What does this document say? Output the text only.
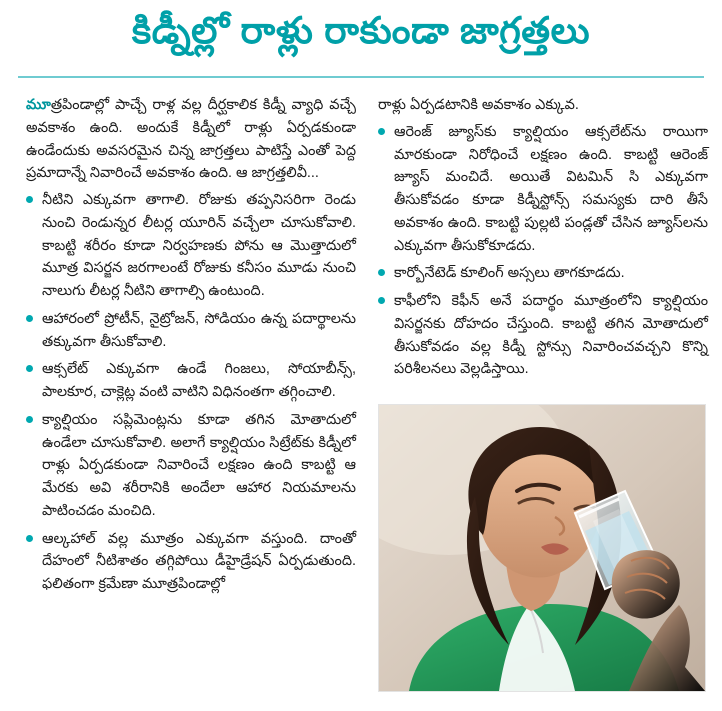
కిడ్నీల్లో రాళ్లు రాకుండా జాగ్రత్తలు

మూత్రపిండాల్లో పాచ్చే రాళ్ల వల్ల దీర్ఘకాలిక కిడ్నీ వ్యాధి వచ్చే అవకాశం ఉంది. అందుకే కిడ్నీలో రాళ్లు ఏర్పడకుండా ఉండేందుకు అవసరమైన చిన్న జాగ్రత్తలు పాటిస్తే ఎంతో పెద్ద ప్రమాదాన్నే నివారించే అవకాశం ఉంది. ఆ జాగ్రత్తలివీ...

నీటిని ఎక్కువగా తాగాలి. రోజుకు తప్పనిసరిగా రెండు నుంచి రెండున్నర లీటర్ల యూరిన్ వచ్చేలా చూసుకోవాలి. కాబట్టి శరీరం కూడా నిర్వహణకు పోను ఆ మొత్తాదులో మూత్ర విసర్జన జరగాలంటే రోజుకు కనీసం మూడు నుంచి నాలుగు లీటర్ల నీటిని తాగాల్సి ఉంటుంది.
ఆహారంలో ప్రోటీన్, నైట్రోజన్, సోడియం ఉన్న పదార్థాలను తక్కువగా తీసుకోవాలి.
ఆక్సలేట్ ఎక్కువగా ఉండే గింజలు, సోయాబీన్స్, పాలకూర, చాక్లెట్ల వంటి వాటిని విధినంతగా తగ్గించాలి.
క్యాల్షియం సప్లిమెంట్లను కూడా తగిన మోతాదులో ఉండేలా చూసుకోవాలి. అలాగే క్యాల్షియం సిట్రేట్‌కు కిడ్నీలో రాళ్లు ఏర్పడకుండా నివారించే లక్షణం ఉంది కాబట్టి ఆ మేరకు అవి శరీరానికి అందేలా ఆహార నియమాలను పాటించడం మంచిది.
ఆల్కహాల్ వల్ల మూత్రం ఎక్కువగా వస్తుంది. దాంతో దేహంలో నీటిశాతం తగ్గిపోయి డీహైడ్రేషన్ ఏర్పడుతుంది. ఫలితంగా క్రమేణా మూత్రపిండాల్లో

రాళ్లు ఏర్పడటానికి అవకాశం ఎక్కువ.

ఆరెంజ్ జ్యూస్‌కు క్యాల్షియం ఆక్సలేట్‌ను రాయిగా మారకుండా నిరోధించే లక్షణం ఉంది. కాబట్టి ఆరెంజ్ జ్యూస్ మంచిదే. అయితే విటమిన్ సి ఎక్కువగా తీసుకోవడం కూడా కిడ్నీస్టోన్స్ సమస్యకు దారి తీసే అవకాశం ఉంది. కాబట్టి పుల్లటి పండ్లతో చేసిన జ్యూస్‌లను ఎక్కువగా తీసుకోకూడదు.
కార్బోనేటెడ్ కూలింగ్ అస్సలు తాగకూడదు.
కాఫీలోని కెఫీన్ అనే పదార్థం మూత్రంలోని క్యాల్షియం విసర్జనకు దోహదం చేస్తుంది. కాబట్టి తగిన మోతాదులో తీసుకోవడం వల్ల కిడ్నీ స్టోన్సు నివారించవచ్చని కొన్ని పరిశీలనలు వెల్లడిస్తాయి.
